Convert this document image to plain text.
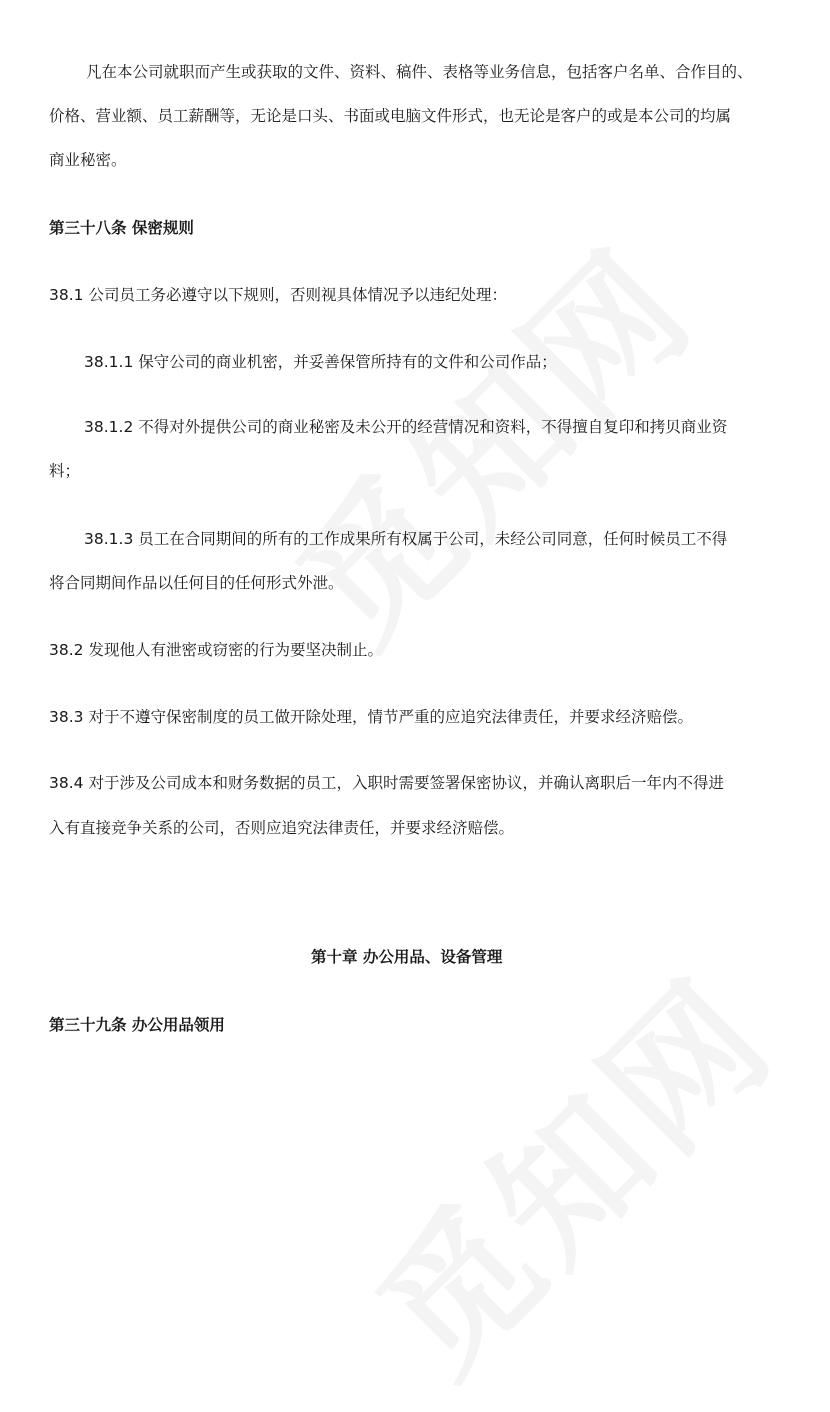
凡在本公司就职而产生或获取的文件、资料、稿件、表格等业务信息，包括客户名单、合作目的、
价格、营业额、员工薪酬等，无论是口头、书面或电脑文件形式，也无论是客户的或是本公司的均属
商业秘密。
第三十八条 保密规则
38.1 公司员工务必遵守以下规则，否则视具体情况予以违纪处理：
38.1.1 保守公司的商业机密，并妥善保管所持有的文件和公司作品；
38.1.2 不得对外提供公司的商业秘密及未公开的经营情况和资料，不得擅自复印和拷贝商业资
料；
38.1.3 员工在合同期间的所有的工作成果所有权属于公司，未经公司同意，任何时候员工不得
将合同期间作品以任何目的任何形式外泄。
38.2 发现他人有泄密或窃密的行为要坚决制止。
38.3 对于不遵守保密制度的员工做开除处理，情节严重的应追究法律责任，并要求经济赔偿。
38.4 对于涉及公司成本和财务数据的员工，入职时需要签署保密协议，并确认离职后一年内不得进
入有直接竞争关系的公司，否则应追究法律责任，并要求经济赔偿。
第十章 办公用品、设备管理
第三十九条 办公用品领用
